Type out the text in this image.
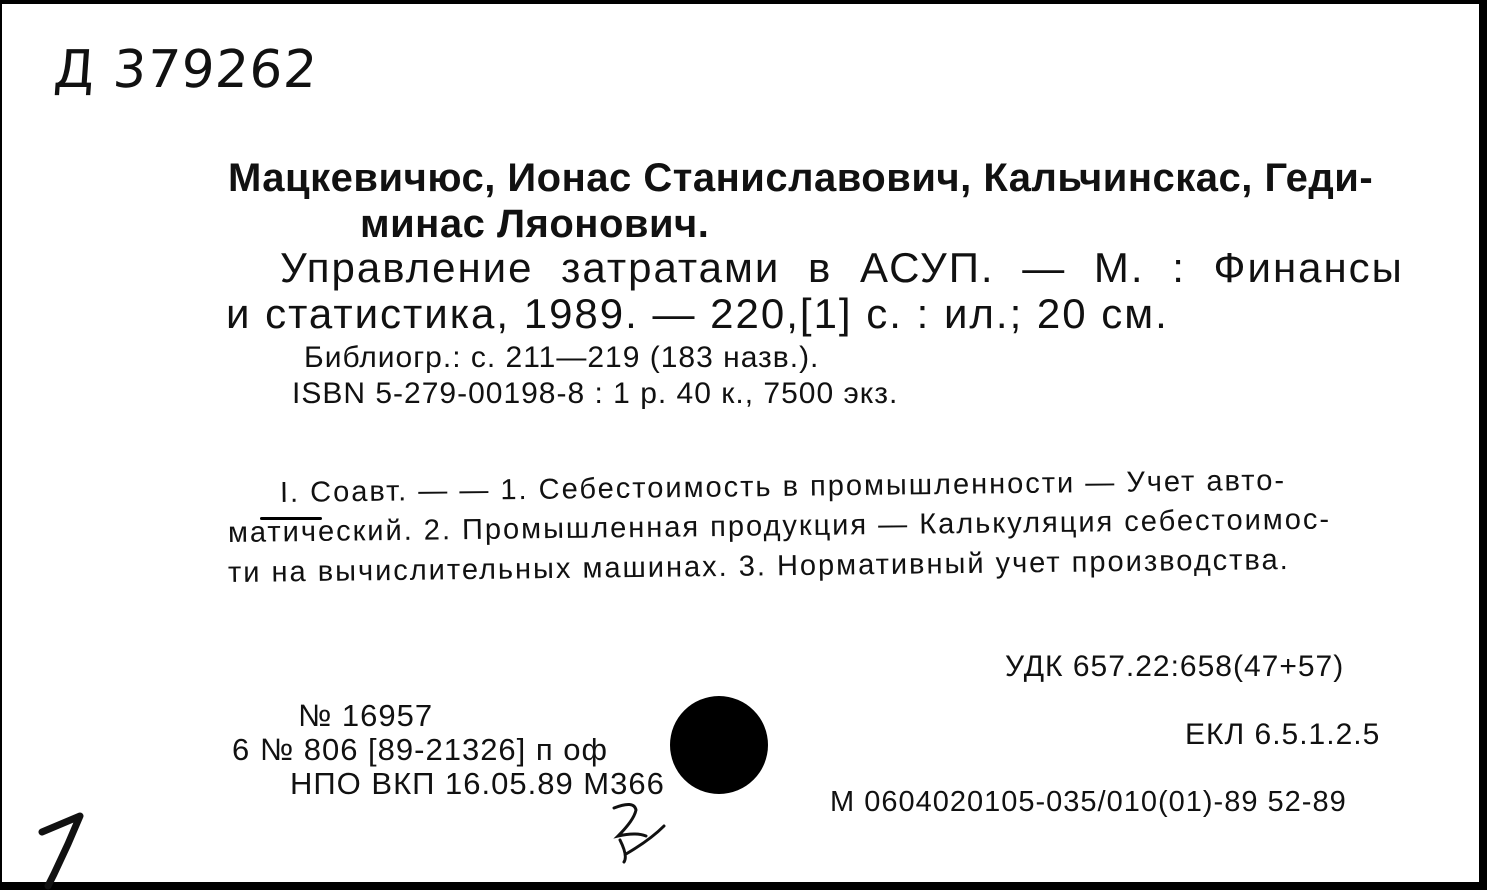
Д 379262
Мацкевичюс, Ионас Станиславович, Кальчинскас, Геди-
минас Ляонович.
Управление затратами в АСУП. — М. : Финансы
и статистика, 1989. — 220,[1] с. : ил.; 20 см.
Библиогр.: с. 211—219 (183 назв.).
ISBN 5-279-00198-8 : 1 р. 40 к., 7500 экз.
I. Соавт. — — 1. Себестоимость в промышленности — Учет авто-
матический. 2. Промышленная продукция — Калькуляция себестоимос-
ти на вычислительных машинах. 3. Нормативный учет производства.
УДК 657.22:658(47+57)
ЕКЛ 6.5.1.2.5
М 0604020105-035/010(01)-89 52-89
№ 16957
6 № 806 [89-21326] п оф
НПО ВКП 16.05.89 М366
